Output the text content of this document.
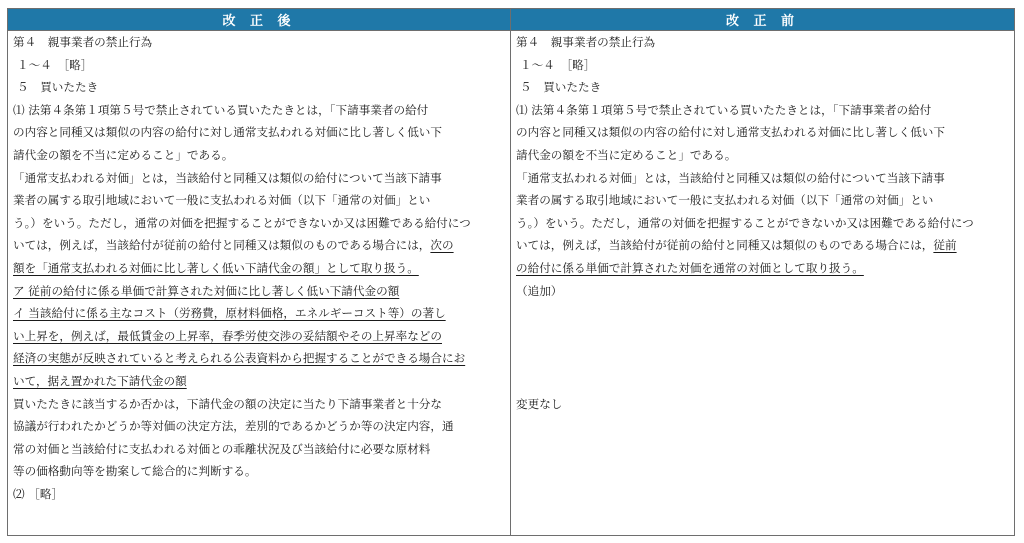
改 正 後	改 正 前
第４　親事業者の禁止行為
１～４　［略］
５　買いたたき
⑴ 法第４条第１項第５号で禁止されている買いたたきとは，「下請事業者の給付
の内容と同種又は類似の内容の給付に対し通常支払われる対価に比し著しく低い下
請代金の額を不当に定めること」である。
「通常支払われる対価」とは，当該給付と同種又は類似の給付について当該下請事
業者の属する取引地域において一般に支払われる対価（以下「通常の対価」とい
う。）をいう。ただし，通常の対価を把握することができないか又は困難である給付につ
いては，例えば，当該給付が従前の給付と同種又は類似のものである場合には，次の
額を「通常支払われる対価に比し著しく低い下請代金の額」として取り扱う。
ア 従前の給付に係る単価で計算された対価に比し著しく低い下請代金の額
イ 当該給付に係る主なコスト（労務費，原材料価格，エネルギーコスト等）の著し
い上昇を，例えば，最低賃金の上昇率，春季労使交渉の妥結額やその上昇率などの
経済の実態が反映されていると考えられる公表資料から把握することができる場合にお
いて，据え置かれた下請代金の額
買いたたきに該当するか否かは，下請代金の額の決定に当たり下請事業者と十分な
協議が行われたかどうか等対価の決定方法，差別的であるかどうか等の決定内容，通
常の対価と当該給付に支払われる対価との乖離状況及び当該給付に必要な原材料
等の価格動向等を勘案して総合的に判断する。
⑵ ［略］
第４　親事業者の禁止行為
１～４　［略］
５　買いたたき
⑴ 法第４条第１項第５号で禁止されている買いたたきとは，「下請事業者の給付
の内容と同種又は類似の内容の給付に対し通常支払われる対価に比し著しく低い下
請代金の額を不当に定めること」である。
「通常支払われる対価」とは，当該給付と同種又は類似の給付について当該下請事
業者の属する取引地域において一般に支払われる対価（以下「通常の対価」とい
う。）をいう。ただし，通常の対価を把握することができないか又は困難である給付につ
いては，例えば，当該給付が従前の給付と同種又は類似のものである場合には，従前
の給付に係る単価で計算された対価を通常の対価として取り扱う。
（追加）
変更なし
